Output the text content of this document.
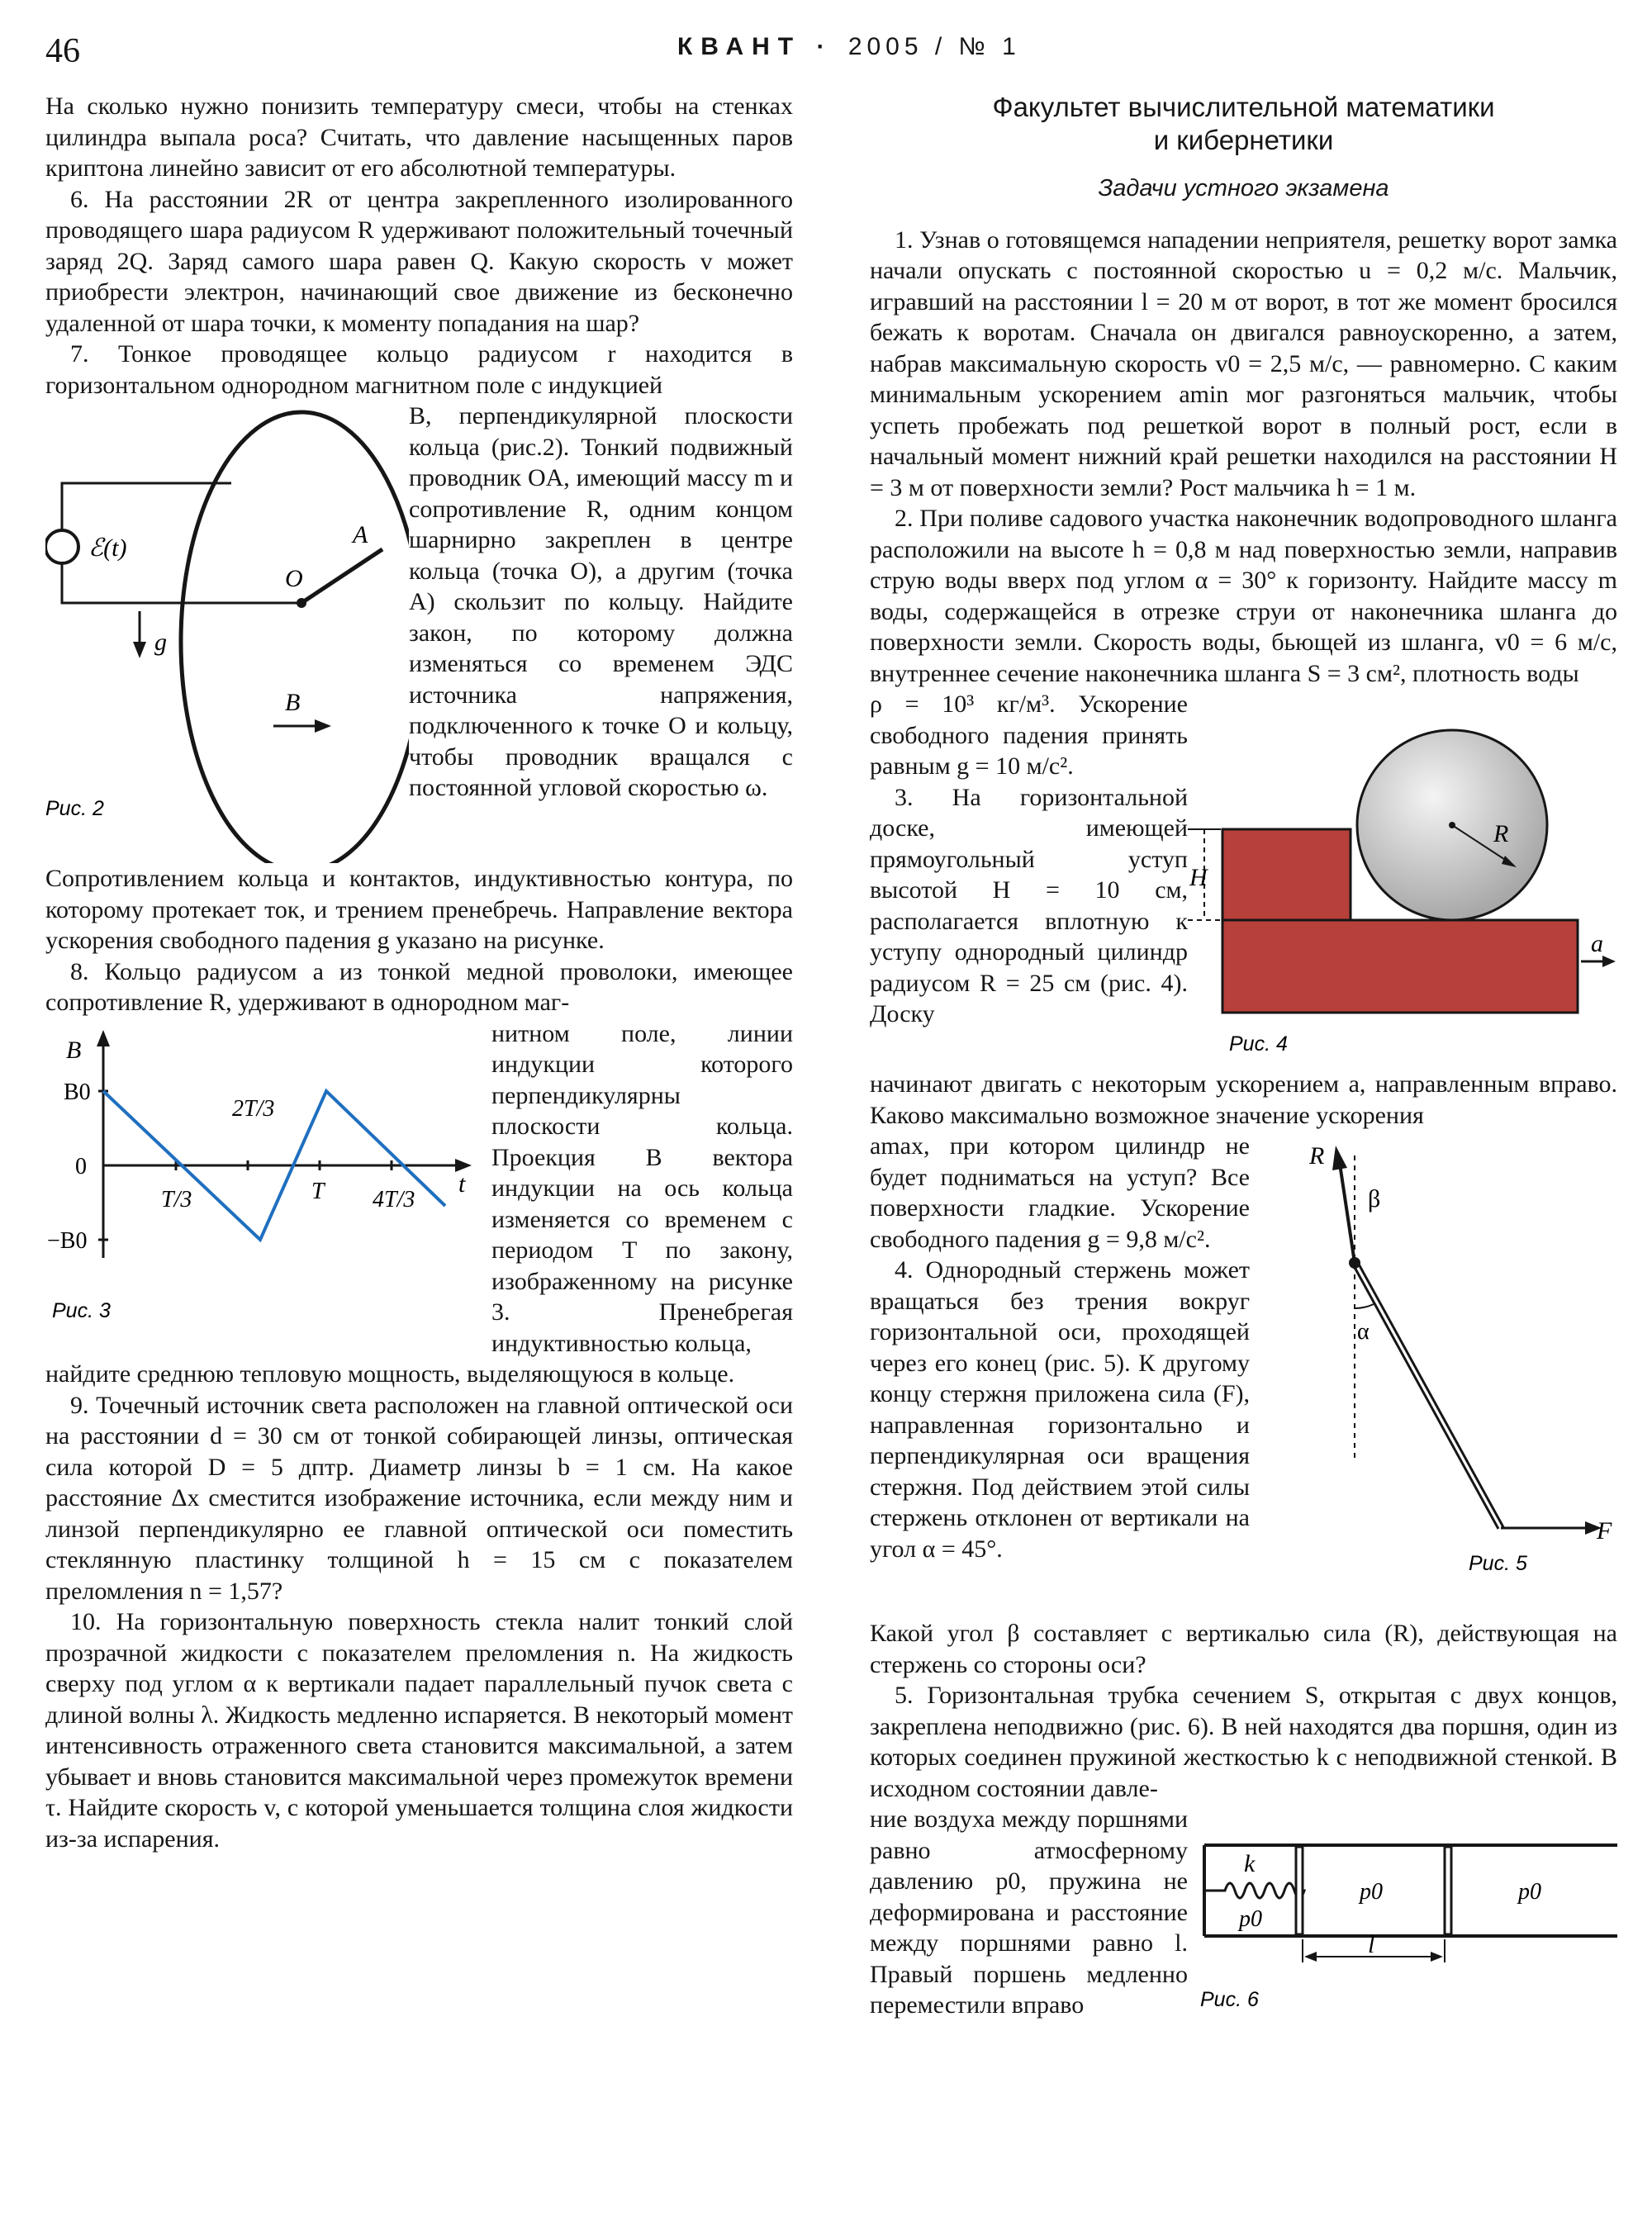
46	КВАНТ · 2005 / № 1

На сколько нужно понизить температуру смеси, чтобы на стенках цилиндра выпала роса? Считать, что давление насыщенных паров криптона линейно зависит от его абсолютной температуры.

6. На расстоянии 2R от центра закрепленного изолированного проводящего шара радиусом R удерживают положительный точечный заряд 2Q. Заряд самого шара равен Q. Какую скорость v может приобрести электрон, начинающий свое движение из бесконечно удаленной от шара точки, к моменту попадания на шар?

7. Тонкое проводящее кольцо радиусом r находится в горизонтальном однородном магнитном поле с индукцией

ℰ(t)	A
O
g
B
Рис. 2

B, перпендикулярной плоскости кольца (рис.2). Тонкий подвижный проводник OA, имеющий массу m и сопротивление R, одним концом шарнирно закреплен в центре кольца (точка O), а другим (точка A) скользит по кольцу. Найдите закон, по которому должна изменяться со временем ЭДС источника напряжения, подключенного к точке O и кольцу, чтобы проводник вращался с постоянной угловой скоростью ω.

Сопротивлением кольца и контактов, индуктивностью контура, по которому протекает ток, и трением пренебречь. Направление вектора ускорения свободного падения g указано на рисунке.

8. Кольцо радиусом a из тонкой медной проволоки, имеющее сопротивление R, удерживают в однородном маг-

B
t
B0
0
−B0
T/3
2T/3
T 4T/3
Рис. 3

нитном поле, линии индукции которого перпендикулярны плоскости кольца. Проекция B вектора индукции на ось кольца изменяется со временем с периодом T по закону, изображенному на рисунке 3. Пренебрегая индуктивностью кольца,

найдите среднюю тепловую мощность, выделяющуюся в кольце.

9. Точечный источник света расположен на главной оптической оси на расстоянии d = 30 см от тонкой собирающей линзы, оптическая сила которой D = 5 дптр. Диаметр линзы b = 1 см. На какое расстояние Δx сместится изображение источника, если между ним и линзой перпендикулярно ее главной оптической оси поместить стеклянную пластинку толщиной h = 15 см с показателем преломления n = 1,57?

10. На горизонтальную поверхность стекла налит тонкий слой прозрачной жидкости с показателем преломления n. На жидкость сверху под углом α к вертикали падает параллельный пучок света с длиной волны λ. Жидкость медленно испаряется. В некоторый момент интенсивность отраженного света становится максимальной, а затем убывает и вновь становится максимальной через промежуток времени τ. Найдите скорость v, с которой уменьшается толщина слоя жидкости из-за испарения.

Факультет вычислительной математики
и кибернетики
Задачи устного экзамена

1. Узнав о готовящемся нападении неприятеля, решетку ворот замка начали опускать с постоянной скоростью u = 0,2 м/с. Мальчик, игравший на расстоянии l = 20 м от ворот, в тот же момент бросился бежать к воротам. Сначала он двигался равноускоренно, а затем, набрав максимальную скорость v0 = 2,5 м/с, — равномерно. С каким минимальным ускорением amin мог разгоняться мальчик, чтобы успеть пробежать под решеткой ворот в полный рост, если в начальный момент нижний край решетки находился на расстоянии H = 3 м от поверхности земли? Рост мальчика h = 1 м.

2. При поливе садового участка наконечник водопроводного шланга расположили на высоте h = 0,8 м над поверхностью земли, направив струю воды вверх под углом α = 30° к горизонту. Найдите массу m воды, содержащейся в отрезке струи от наконечника шланга до поверхности земли. Скорость воды, бьющей из шланга, v0 = 6 м/с, внутреннее сечение наконечника шланга S = 3 см², плотность воды

R
H
a
Рис. 4

ρ = 10³ кг/м³. Ускорение свободного падения принять равным g = 10 м/с².

3. На горизонтальной доске, имеющей прямоугольный уступ высотой H = 10 см, располагается вплотную к уступу однородный цилиндр радиусом R = 25 см (рис. 4). Доску

начинают двигать с некоторым ускорением a, направленным вправо. Каково максимально возможное значение ускорения

R
β
α
F
Рис. 5

amax, при котором цилиндр не будет подниматься на уступ? Все поверхности гладкие. Ускорение свободного падения g = 9,8 м/с².

4. Однородный стержень может вращаться без трения вокруг горизонтальной оси, проходящей через его конец (рис. 5). К другому концу стержня приложена сила (F), направленная горизонтально и перпендикулярная оси вращения стержня. Под действием этой силы стержень отклонен от вертикали на угол α = 45°.

Какой угол β составляет с вертикалью сила (R), действующая на стержень со стороны оси?

5. Горизонтальная трубка сечением S, открытая с двух концов, закреплена неподвижно (рис. 6). В ней находятся два поршня, один из которых соединен пружиной жесткостью k с неподвижной стенкой. В исходном состоянии давле-

k
p0
p0	p0
l
Рис. 6

ние воздуха между поршнями равно атмосферному давлению p0, пружина не деформирована и расстояние между поршнями равно l. Правый поршень медленно переместили вправо
